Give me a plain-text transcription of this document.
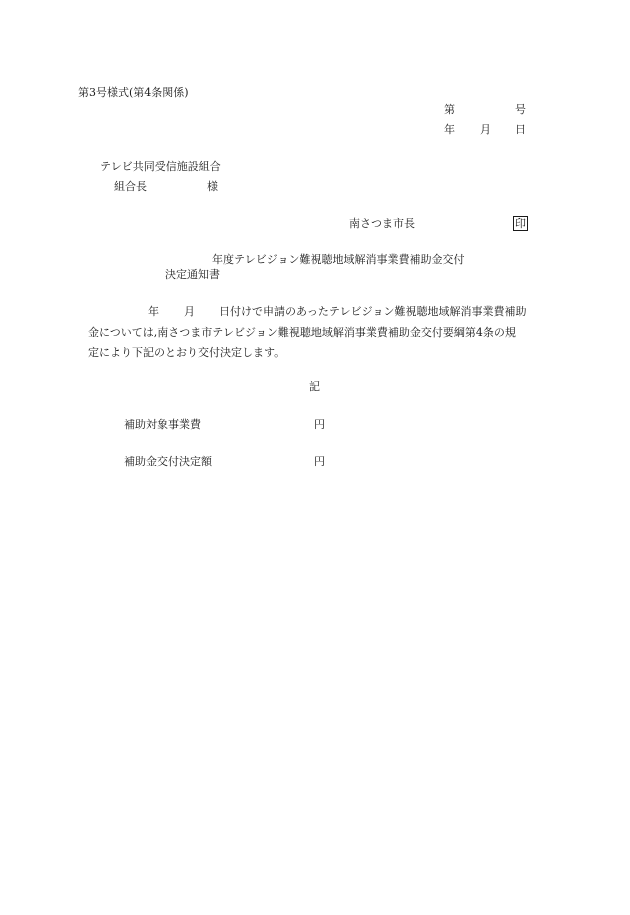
第3号様式(第4条関係)
第	号
年 月 日
テレビ共同受信施設組合
組合長	様
南さつま市長	印
年度テレビジョン難視聴地域解消事業費補助金交付
決定通知書
年 月 日付けで申請のあったテレビジョン難視聴地域解消事業費補助
金については,南さつま市テレビジョン難視聴地域解消事業費補助金交付要綱第4条の規
定により下記のとおり交付決定します。
記
補助対象事業費	円
補助金交付決定額	円
